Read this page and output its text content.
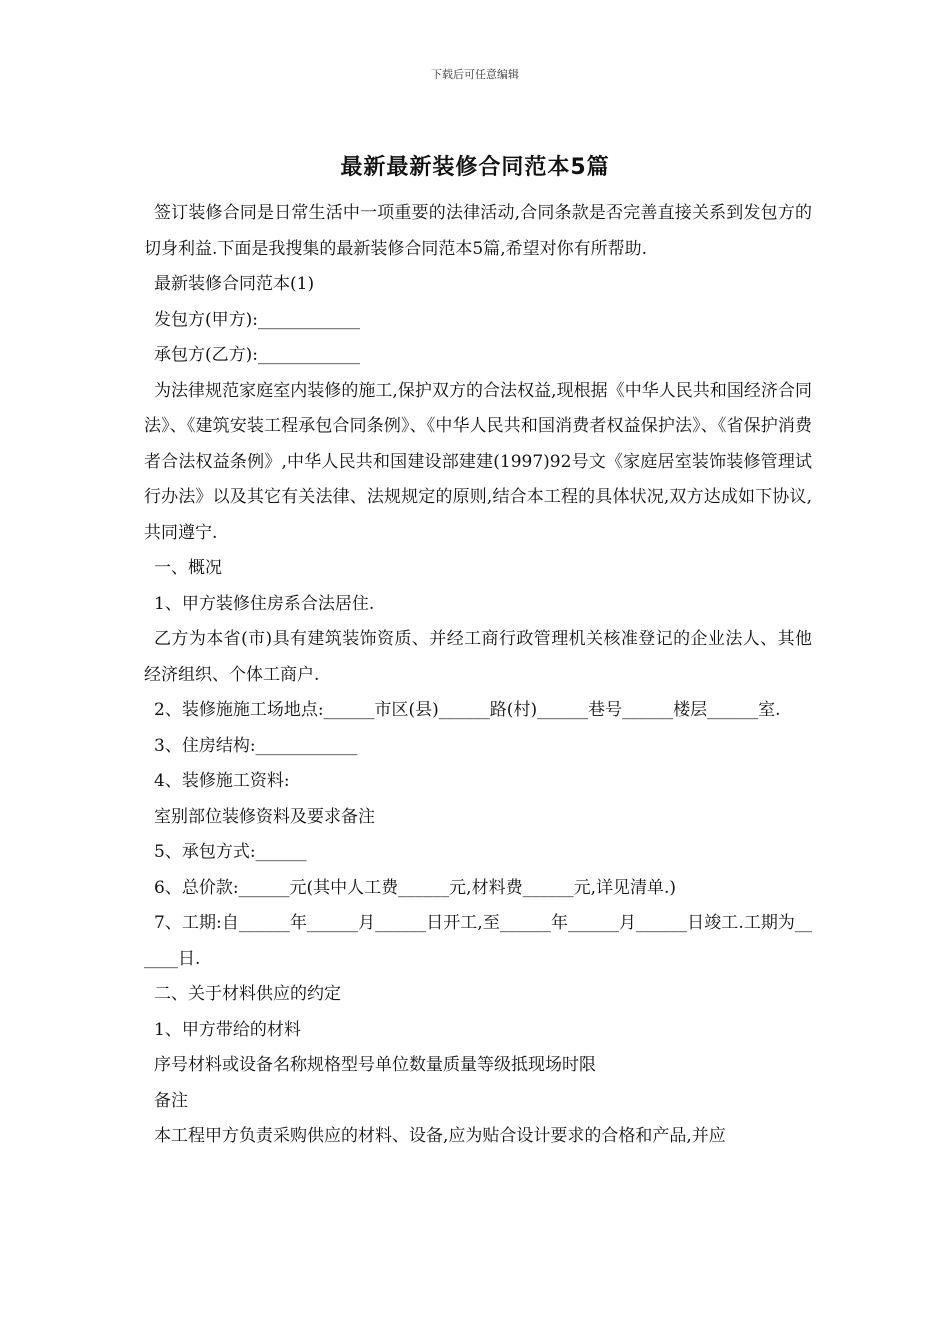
下载后可任意编辑
最新最新装修合同范本5篇

签订装修合同是日常生活中一项重要的法律活动,合同条款是否完善直接关系到发包方的切身利益.下面是我搜集的最新装修合同范本5篇,希望对你有所帮助.

最新装修合同范本(1)

发包方(甲方):____________

承包方(乙方):____________

为法律规范家庭室内装修的施工,保护双方的合法权益,现根据《中华人民共和国经济合同法》、《建筑安装工程承包合同条例》、《中华人民共和国消费者权益保护法》、《省保护消费者合法权益条例》,中华人民共和国建设部建建(1997)92号文《家庭居室装饰装修管理试行办法》以及其它有关法律、法规规定的原则,结合本工程的具体状况,双方达成如下协议,共同遵宁.

一、概况

1、甲方装修住房系合法居住.

乙方为本省(市)具有建筑装饰资质、并经工商行政管理机关核准登记的企业法人、其他经济组织、个体工商户.

2、装修施施工场地点:______市区(县)______路(村)______巷号______楼层______室.

3、住房结构:____________

4、装修施工资料:

室别部位装修资料及要求备注

5、承包方式:______

6、总价款:______元(其中人工费______元,材料费______元,详见清单.)

7、工期:自______年______月______日开工,至______年______月______日竣工.工期为______日.

二、关于材料供应的约定

1、甲方带给的材料

序号材料或设备名称规格型号单位数量质量等级抵现场时限

备注

本工程甲方负责采购供应的材料、设备,应为贴合设计要求的合格和产品,并应
